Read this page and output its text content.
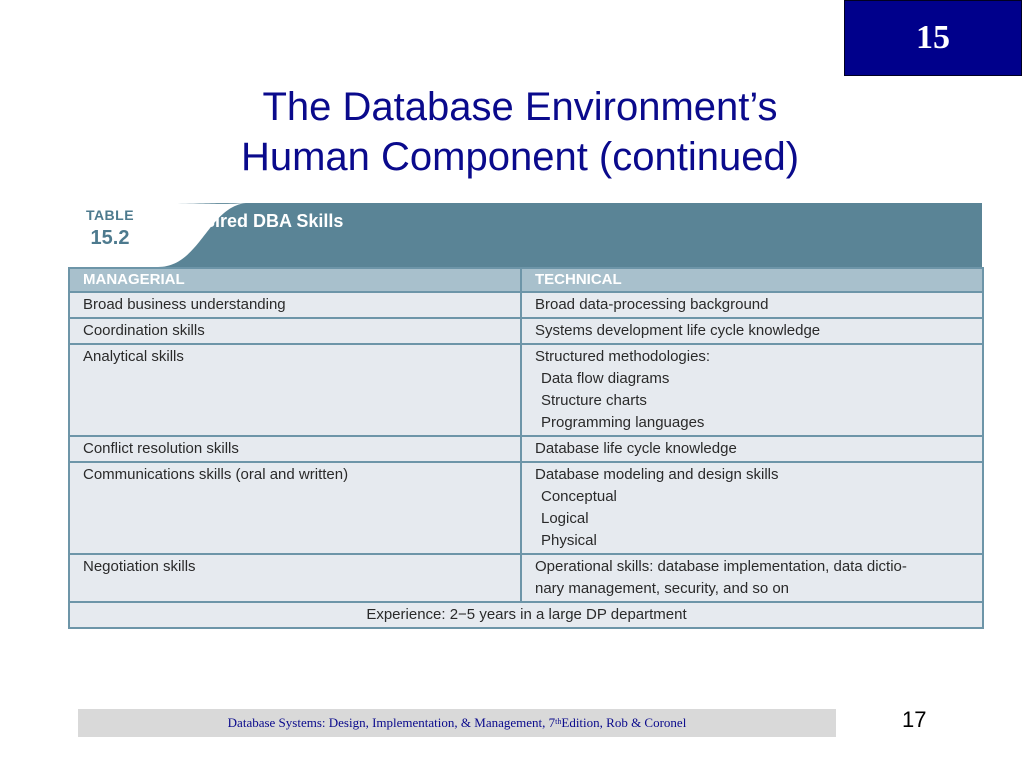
15
The Database Environment’s
Human Component (continued)
TABLE
15.2
Desired DBA Skills
MANAGERIAL	TECHNICAL
Broad business understanding	Broad data-processing background
Coordination skills	Systems development life cycle knowledge
Analytical skills	Structured methodologies:
Data flow diagrams
Structure charts
Programming languages

Conflict resolution skills	Database life cycle knowledge
Communications skills (oral and written)	Database modeling and design skills
Conceptual
Logical
Physical

Negotiation skills	Operational skills: database implementation, data dictio-
nary management, security, and so on
Experience: 2−5 years in a large DP department	
Database Systems: Design, Implementation, & Management, 7th Edition, Rob & Coronel	17
